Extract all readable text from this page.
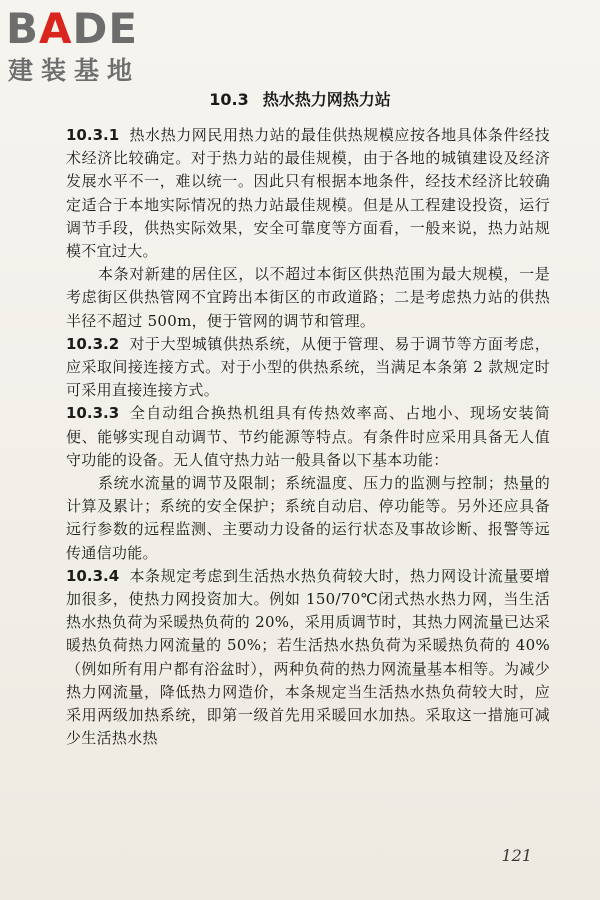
BADE
建装基地
10.3 热水热力网热力站

10.3.1 热水热力网民用热力站的最佳供热规模应按各地具体条件经技术经济比较确定。对于热力站的最佳规模，由于各地的城镇建设及经济发展水平不一，难以统一。因此只有根据本地条件，经技术经济比较确定适合于本地实际情况的热力站最佳规模。但是从工程建设投资，运行调节手段，供热实际效果，安全可靠度等方面看，一般来说，热力站规模不宜过大。

本条对新建的居住区，以不超过本街区供热范围为最大规模，一是考虑街区供热管网不宜跨出本街区的市政道路；二是考虑热力站的供热半径不超过 500m，便于管网的调节和管理。

10.3.2 对于大型城镇供热系统，从便于管理、易于调节等方面考虑，应采取间接连接方式。对于小型的供热系统，当满足本条第 2 款规定时可采用直接连接方式。

10.3.3 全自动组合换热机组具有传热效率高、占地小、现场安装简便、能够实现自动调节、节约能源等特点。有条件时应采用具备无人值守功能的设备。无人值守热力站一般具备以下基本功能：

系统水流量的调节及限制；系统温度、压力的监测与控制；热量的计算及累计；系统的安全保护；系统自动启、停功能等。另外还应具备远行参数的远程监测、主要动力设备的运行状态及事故诊断、报警等远传通信功能。

10.3.4 本条规定考虑到生活热水热负荷较大时，热力网设计流量要增加很多，使热力网投资加大。例如 150/70℃闭式热水热力网，当生活热水热负荷为采暖热负荷的 20%，采用质调节时，其热力网流量已达采暖热负荷热力网流量的 50%；若生活热水热负荷为采暖热负荷的 40%（例如所有用户都有浴盆时），两种负荷的热力网流量基本相等。为减少热力网流量，降低热力网造价，本条规定当生活热水热负荷较大时，应采用两级加热系统，即第一级首先用采暖回水加热。采取这一措施可减少生活热水热

121
